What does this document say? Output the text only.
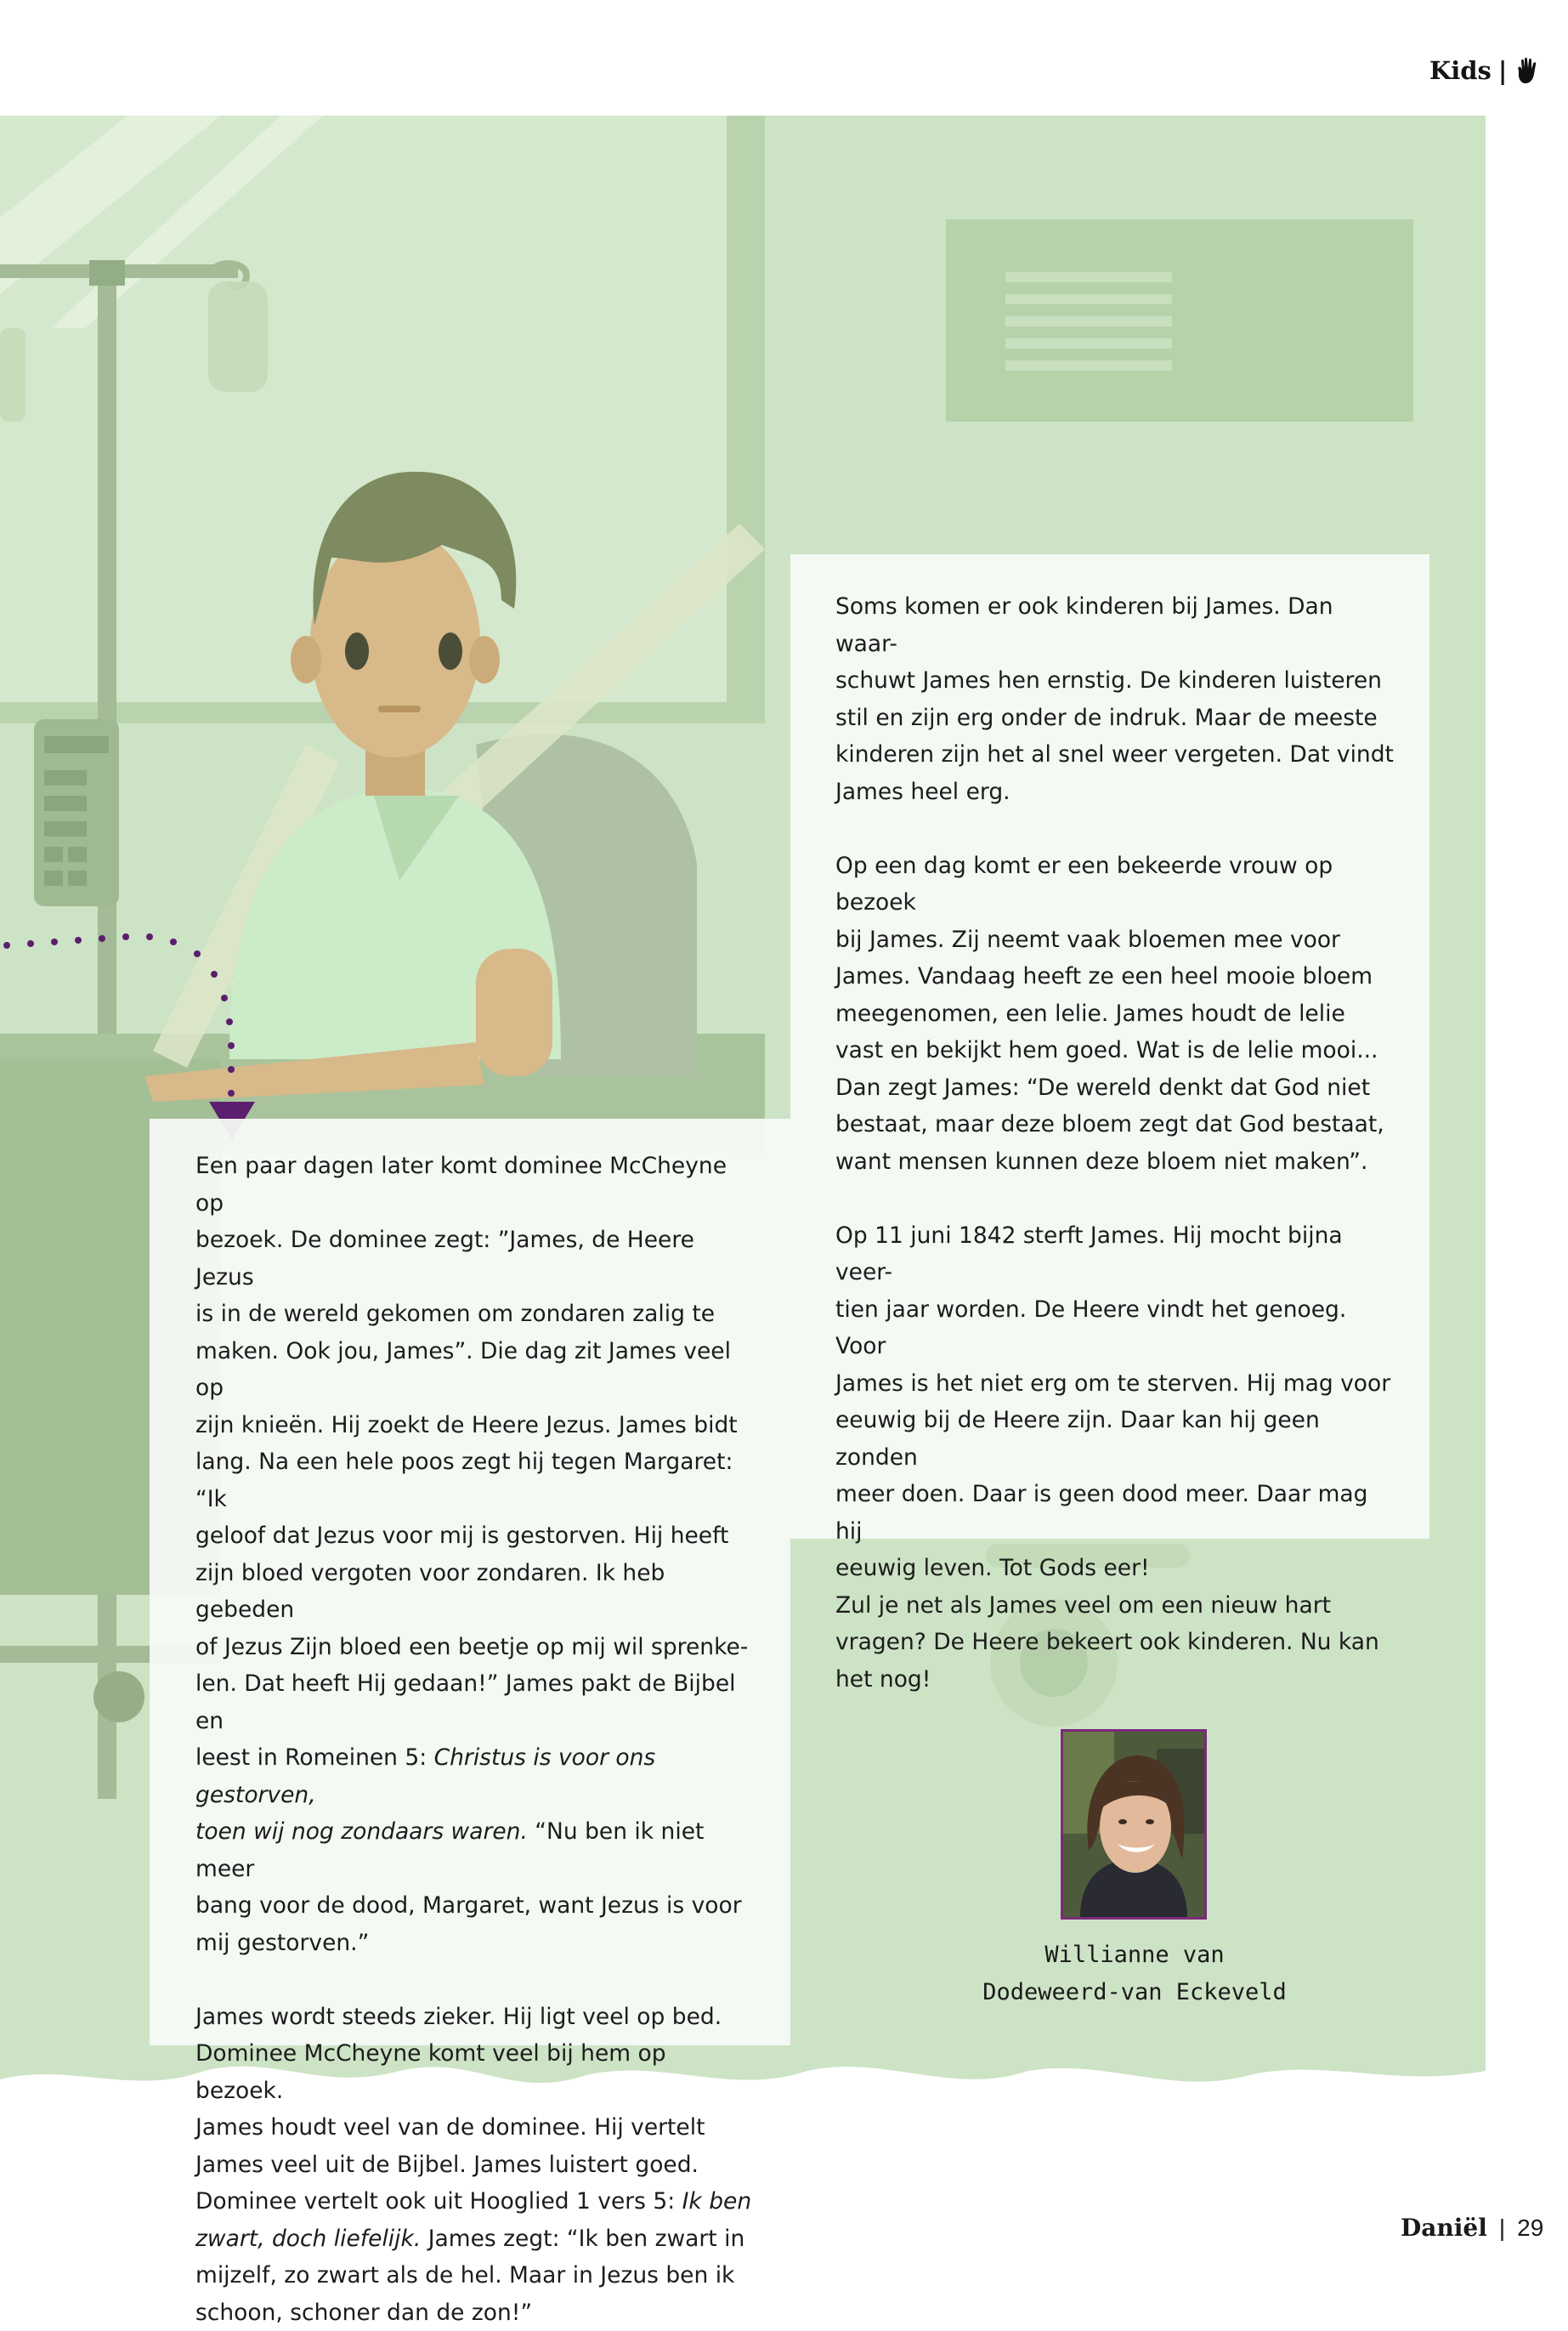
Kids |

Soms komen er ook kinderen bij James. Dan waar-
schuwt James hen ernstig. De kinderen luisteren
stil en zijn erg onder de indruk. Maar de meeste
kinderen zijn het al snel weer vergeten. Dat vindt
James heel erg.

Op een dag komt er een bekeerde vrouw op bezoek
bij James. Zij neemt vaak bloemen mee voor
James. Vandaag heeft ze een heel mooie bloem
meegenomen, een lelie. James houdt de lelie
vast en bekijkt hem goed. Wat is de lelie mooi...
Dan zegt James: “De wereld denkt dat God niet
bestaat, maar deze bloem zegt dat God bestaat,
want mensen kunnen deze bloem niet maken”.

Op 11 juni 1842 sterft James. Hij mocht bijna veer-
tien jaar worden. De Heere vindt het genoeg. Voor
James is het niet erg om te sterven. Hij mag voor
eeuwig bij de Heere zijn. Daar kan hij geen zonden
meer doen. Daar is geen dood meer. Daar mag hij
eeuwig leven. Tot Gods eer!

Zul je net als James veel om een nieuw hart
vragen? De Heere bekeert ook kinderen. Nu kan
het nog!

Een paar dagen later komt dominee McCheyne op
bezoek. De dominee zegt: ”James, de Heere Jezus
is in de wereld gekomen om zondaren zalig te
maken. Ook jou, James”. Die dag zit James veel op
zijn knieën. Hij zoekt de Heere Jezus. James bidt
lang. Na een hele poos zegt hij tegen Margaret: “Ik
geloof dat Jezus voor mij is gestorven. Hij heeft
zijn bloed vergoten voor zondaren. Ik heb gebeden
of Jezus Zijn bloed een beetje op mij wil sprenke-
len. Dat heeft Hij gedaan!” James pakt de Bijbel en
leest in Romeinen 5: Christus is voor ons gestorven,
toen wij nog zondaars waren. “Nu ben ik niet meer
bang voor de dood, Margaret, want Jezus is voor
mij gestorven.”

James wordt steeds zieker. Hij ligt veel op bed.
Dominee McCheyne komt veel bij hem op bezoek.
James houdt veel van de dominee. Hij vertelt
James veel uit de Bijbel. James luistert goed.
Dominee vertelt ook uit Hooglied 1 vers 5: Ik ben
zwart, doch liefelijk. James zegt: “Ik ben zwart in
mijzelf, zo zwart als de hel. Maar in Jezus ben ik
schoon, schoner dan de zon!”

Willianne van
Dodeweerd-van Eckeveld
Daniël | 29
